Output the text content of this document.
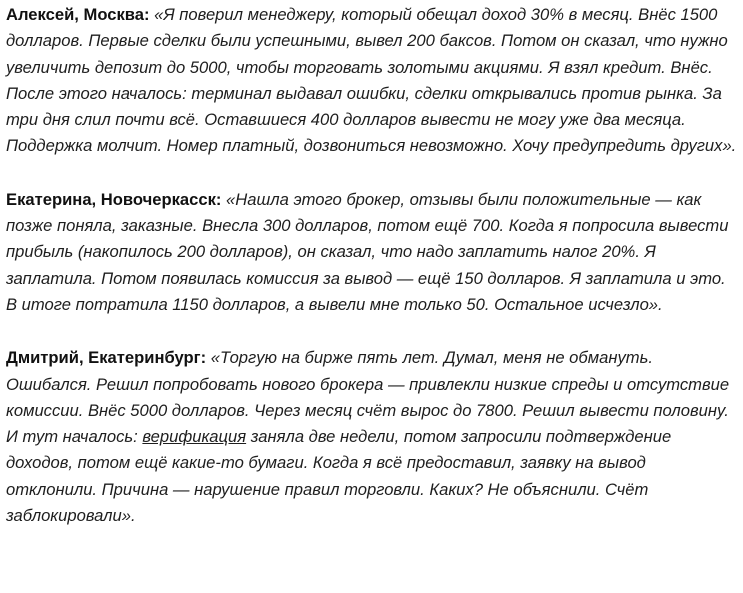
Алексей, Москва: «Я поверил менеджеру, который обещал доход 30% в месяц. Внёс 1500 долларов. Первые сделки были успешными, вывел 200 баксов. Потом он сказал, что нужно увеличить депозит до 5000, чтобы торговать золотыми акциями. Я взял кредит. Внёс. После этого началось: терминал выдавал ошибки, сделки открывались против рынка. За три дня слил почти всё. Оставшиеся 400 долларов вывести не могу уже два месяца. Поддержка молчит. Номер платный, дозвониться невозможно. Хочу предупредить других».

Екатерина, Новочеркасск: «Нашла этого брокер, отзывы были положительные — как позже поняла, заказные. Внесла 300 долларов, потом ещё 700. Когда я попросила вывести прибыль (накопилось 200 долларов), он сказал, что надо заплатить налог 20%. Я заплатила. Потом появилась комиссия за вывод — ещё 150 долларов. Я заплатила и это. В итоге потратила 1150 долларов, а вывели мне только 50. Остальное исчезло».

Дмитрий, Екатеринбург: «Торгую на бирже пять лет. Думал, меня не обмануть. Ошибался. Решил попробовать нового брокера — привлекли низкие спреды и отсутствие комиссии. Внёс 5000 долларов. Через месяц счёт вырос до 7800. Решил вывести половину. И тут началось: верификация заняла две недели, потом запросили подтверждение доходов, потом ещё какие-то бумаги. Когда я всё предоставил, заявку на вывод отклонили. Причина — нарушение правил торговли. Каких? Не объяснили. Счёт заблокировали».
